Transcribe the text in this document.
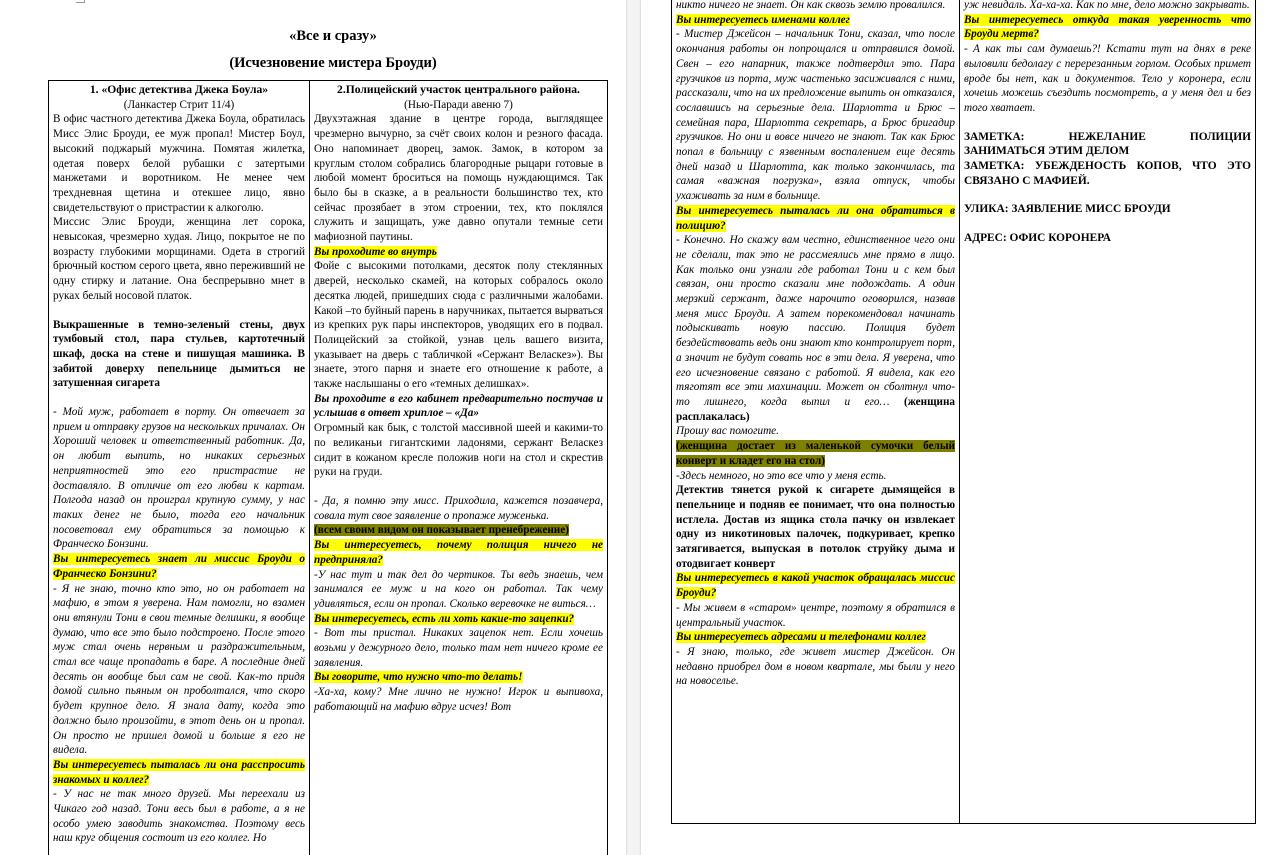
«Все и сразу»
(Исчезновение мистера Броуди)

1. «Офис детектива Джека Боула»

(Ланкастер Стрит 11/4)

В офис частного детектива Джека Боула, обратилась Мисс Элис Броуди, ее муж пропал! Мистер Боул, высокий поджарый мужчина. Помятая жилетка, одетая поверх белой рубашки с затертыми манжетами и воротником. Не менее чем трехдневная щетина и отекшее лицо, явно свидетельствуют о пристрастии к алкоголю.

Миссис Элис Броуди, женщина лет сорока, невысокая, чрезмерно худая. Лицо, покрытое не по возрасту глубокими морщинами. Одета в строгий брючный костюм серого цвета, явно переживший не одну стирку и латание. Она беспрерывно мнет в руках белый носовой платок.

Выкрашенные в темно-зеленый стены, двух тумбовый стол, пара стульев, картотечный шкаф, доска на стене и пишущая машинка. В забитой доверху пепельнице дымиться не затушенная сигарета

- Мой муж, работает в порту. Он отвечает за прием и отправку грузов на нескольких причалах. Он Хороший человек и ответственный работник. Да, он любит выпить, но никаких серьезных неприятностей это его пристрастие не доставляло. В отличие от его любви к картам. Полгода назад он проиграл крупную сумму, у нас таких денег не было, тогда его начальник посоветовал ему обратиться за помощью к Франческо Бонзини.

Вы интересуетесь знает ли миссис Броуди о Франческо Бонзини?

- Я не знаю, точно кто это, но он работает на мафию, в этом я уверена. Нам помогли, но взамен они втянули Тони в свои темные делишки, я вообще думаю, что все это было подстроено. После этого муж стал очень нервным и раздражительным, стал все чаще пропадать в баре. А последние дней десять он вообще был сам не свой. Как-то придя домой сильно пьяным он проболтался, что скоро будет крупное дело. Я знала дату, когда это должно было произойти, в этот день он и пропал. Он просто не пришел домой и больше я его не видела.

Вы интересуетесь пыталась ли она расспросить знакомых и коллег?

- У нас не так много друзей. Мы переехали из Чикаго год назад. Тони весь был в работе, а я не особо умею заводить знакомства. Поэтому весь наш круг общения состоит из его коллег. Но

2.Полицейский участок центрального района.

(Нью-Паради авеню 7)

Двухэтажная здание в центре города, выглядящее чрезмерно вычурно, за счёт своих колон и резного фасада. Оно напоминает дворец, замок. Замок, в котором за круглым столом собрались благородные рыцари готовые в любой момент броситься на помощь нуждающимся. Так было бы в сказке, а в реальности большинство тех, кто сейчас прозябает в этом строении, тех, кто поклялся служить и защищать, уже давно опутали темные сети мафиозной паутины.

Вы проходите во внутрь

Фойе с высокими потолками, десяток полу стеклянных дверей, несколько скамей, на которых собралось около десятка людей, пришедших сюда с различными жалобами. Какой –то буйный парень в наручниках, пытается вырваться из крепких рук пары инспекторов, уводящих его в подвал. Полицейский за стойкой, узнав цель вашего визита, указывает на дверь с табличкой «Сержант Веласкез»). Вы знаете, этого парня и знаете его отношение к работе, а также наслышаны о его «темных делишках».

Вы проходите в его кабинет предварительно постучав и услышав в ответ хриплое – «Да»

Огромный как бык, с толстой массивной шеей и какими-то по великаньи гигантскими ладонями, сержант Веласкез сидит в кожаном кресле положив ноги на стол и скрестив руки на груди.

- Да, я помню эту мисс. Приходила, кажется позавчера, совала тут свое заявление о пропаже муженька.

(всем своим видом он показывает пренебрежение)

Вы интересуетесь, почему полиция ничего не предприняла?

-У нас тут и так дел до чертиков. Ты ведь знаешь, чем занимался ее муж и на кого он работал. Так чему удивляться, если он пропал. Сколько веревочке не виться…

Вы интересуетесь, есть ли хоть какие-то зацепки?

- Вот ты пристал. Никаких зацепок нет. Если хочешь возьми у дежурного дело, только там нет ничего кроме ее заявления.

Вы говорите, что нужно что-то делать!

-Ха-ха, кому? Мне лично не нужно! Игрок и выпивоха, работающий на мафию вдруг исчез! Вот

никто ничего не знает. Он как сквозь землю провалился.

Вы интересуетесь именами коллег

- Мистер Джейсон – начальник Тони, сказал, что после окончания работы он попрощался и отправился домой. Свен – его напарник, также подтвердил это. Пара грузчиков из порта, муж частенько засиживался с ними, рассказали, что на их предложение выпить он отказался, сославшись на серьезные дела. Шарлотта и Брюс – семейная пара, Шарлотта секретарь, а Брюс бригадир грузчиков. Но они и вовсе ничего не знают. Так как Брюс попал в больницу с язвенным воспалением еще десять дней назад и Шарлотта, как только закончилась, та самая «важная погрузка», взяла отпуск, чтобы ухаживать за ним в больнице.

Вы интересуетесь пыталась ли она обратиться в полицию?

- Конечно. Но скажу вам честно, единственное чего они не сделали, так это не рассмеялись мне прямо в лицо. Как только они узнали где работал Тони и с кем был связан, они просто сказали мне подождать. А один мерзкий сержант, даже нарочито оговорился, назвав меня мисс Броуди. А затем порекомендовал начинать подыскивать новую пассию. Полиция будет бездействовать ведь они знают кто контролирует порт, а значит не будут совать нос в эти дела. Я уверена, что его исчезновение связано с работой. Я видела, как его тяготят все эти махинации. Может он сболтнул что-то лишнего, когда выпил и его… (женщина расплакалась)

Прошу вас помогите.

(женщина достает из маленькой сумочки белый конверт и кладет его на стол)

-Здесь немного, но это все что у меня есть.

Детектив тянется рукой к сигарете дымящейся в пепельнице и подняв ее понимает, что она полностью истлела. Достав из ящика стола пачку он извлекает одну из никотиновых палочек, подкуривает, крепко затягивается, выпуская в потолок струйку дыма и отодвигает конверт

Вы интересуетесь в какой участок обращалась миссис Броуди?

- Мы живем в «старом» центре, поэтому я обратился в центральный участок.

Вы интересуетесь адресами и телефонами коллег

- Я знаю, только, где живет мистер Джейсон. Он недавно приобрел дом в новом квартале, мы были у него на новоселье.

уж невидаль. Ха-ха-ха. Как по мне, дело можно закрывать.

Вы интересуетесь откуда такая уверенность что Броуди мертв?

- А как ты сам думаешь?! Кстати тут на днях в реке выловили бедолагу с перерезанным горлом. Особых примет вроде бы нет, как и документов. Тело у коронера, если хочешь можешь съездить посмотреть, а у меня дел и без того хватает.

ЗАМЕТКА: НЕЖЕЛАНИЕ ПОЛИЦИИ ЗАНИМАТЬСЯ ЭТИМ ДЕЛОМ

ЗАМЕТКА: УБЕЖДЕНОСТЬ КОПОВ, ЧТО ЭТО СВЯЗАНО С МАФИЕЙ.

УЛИКА: ЗАЯВЛЕНИЕ МИСС БРОУДИ

АДРЕС: ОФИС КОРОНЕРА
